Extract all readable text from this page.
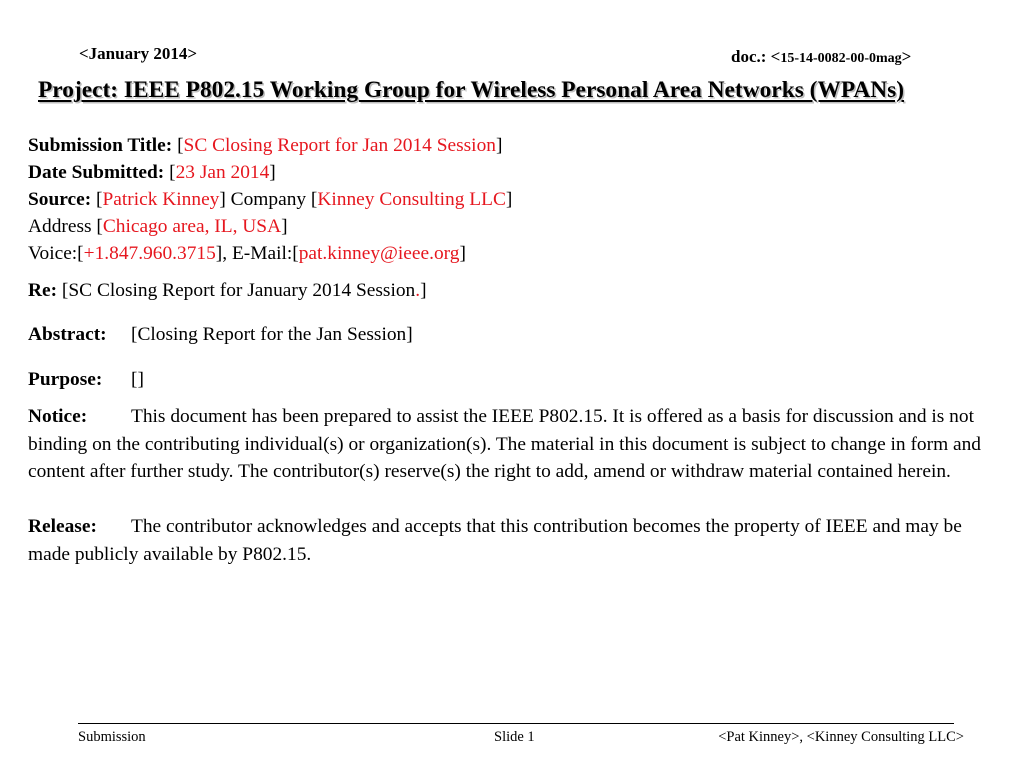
<January 2014>	doc.: <15-14-0082-00-0mag>
Project: IEEE P802.15 Working Group for Wireless Personal Area Networks (WPANs)
Submission Title: [SC Closing Report for Jan 2014 Session]
Date Submitted: [23 Jan 2014]
Source: [Patrick Kinney] Company [Kinney Consulting LLC]
Address [Chicago area, IL, USA]
Voice:[+1.847.960.3715], E-Mail:[pat.kinney@ieee.org]
Re: [SC Closing Report for January 2014 Session.]
Abstract: [Closing Report for the Jan Session]
Purpose: []
Notice: This document has been prepared to assist the IEEE P802.15. It is offered as a basis for discussion and is not binding on the contributing individual(s) or organization(s). The material in this document is subject to change in form and content after further study. The contributor(s) reserve(s) the right to add, amend or withdraw material contained herein.
Release: The contributor acknowledges and accepts that this contribution becomes the property of IEEE and may be made publicly available by P802.15.
Submission	Slide 1	<Pat Kinney>, <Kinney Consulting LLC>
